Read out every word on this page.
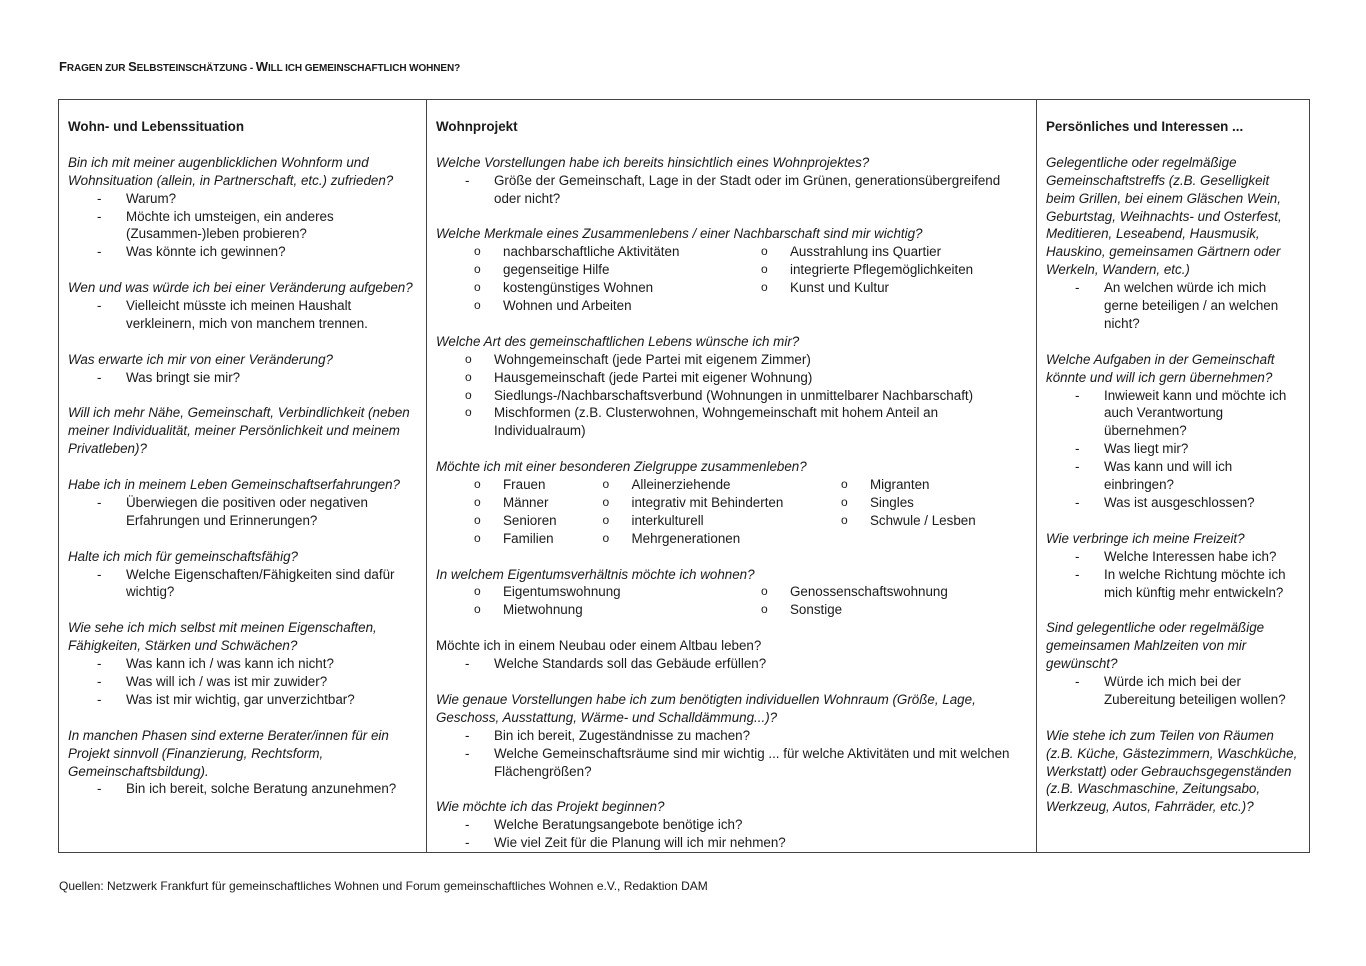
FRAGEN ZUR SELBSTEINSCHÄTZUNG - WILL ICH GEMEINSCHAFTLICH WOHNEN?
Wohn- und Lebenssituation
Bin ich mit meiner augenblicklichen Wohnform und Wohnsituation (allein, in Partnerschaft, etc.) zufrieden?
- Warum?
- Möchte ich umsteigen, ein anderes (Zusammen-)leben probieren?
- Was könnte ich gewinnen?
Wen und was würde ich bei einer Veränderung aufgeben?
- Vielleicht müsste ich meinen Haushalt verkleinern, mich von manchem trennen.
Was erwarte ich mir von einer Veränderung?
- Was bringt sie mir?
Will ich mehr Nähe, Gemeinschaft, Verbindlichkeit (neben meiner Individualität, meiner Persönlichkeit und meinem Privatleben)?
Habe ich in meinem Leben Gemeinschaftserfahrungen?
- Überwiegen die positiven oder negativen Erfahrungen und Erinnerungen?
Halte ich mich für gemeinschaftsfähig?
- Welche Eigenschaften/Fähigkeiten sind dafür wichtig?
Wie sehe ich mich selbst mit meinen Eigenschaften, Fähigkeiten, Stärken und Schwächen?
- Was kann ich / was kann ich nicht?
- Was will ich / was ist mir zuwider?
- Was ist mir wichtig, gar unverzichtbar?
In manchen Phasen sind externe Berater/innen für ein Projekt sinnvoll (Finanzierung, Rechtsform, Gemeinschaftsbildung).
- Bin ich bereit, solche Beratung anzunehmen?

Wohnprojekt
Welche Vorstellungen habe ich bereits hinsichtlich eines Wohnprojektes?
- Größe der Gemeinschaft, Lage in der Stadt oder im Grünen, generationsübergreifend oder nicht?
Welche Merkmale eines Zusammenlebens / einer Nachbarschaft sind mir wichtig?
o nachbarschaftliche Aktivitäten
o gegenseitige Hilfe
o kostengünstiges Wohnen
o Wohnen und Arbeiten
o Ausstrahlung ins Quartier
o integrierte Pflegemöglichkeiten
o Kunst und Kultur
Welche Art des gemeinschaftlichen Lebens wünsche ich mir?
o Wohngemeinschaft (jede Partei mit eigenem Zimmer)
o Hausgemeinschaft (jede Partei mit eigener Wohnung)
o Siedlungs-/Nachbarschaftsverbund (Wohnungen in unmittelbarer Nachbarschaft)
o Mischformen (z.B. Clusterwohnen, Wohngemeinschaft mit hohem Anteil an Individualraum)
Möchte ich mit einer besonderen Zielgruppe zusammenleben?
o Frauen
o Männer
o Senioren
o Familien
o Alleinerziehende
o integrativ mit Behinderten
o interkulturell
o Mehrgenerationen
o Migranten
o Singles
o Schwule / Lesben
In welchem Eigentumsverhältnis möchte ich wohnen?
o Eigentumswohnung
o Mietwohnung
o Genossenschaftswohnung
o Sonstige
Möchte ich in einem Neubau oder einem Altbau leben?
- Welche Standards soll das Gebäude erfüllen?
Wie genaue Vorstellungen habe ich zum benötigten individuellen Wohnraum (Größe, Lage, Geschoss, Ausstattung, Wärme- und Schalldämmung...)?
- Bin ich bereit, Zugeständnisse zu machen?
- Welche Gemeinschaftsräume sind mir wichtig ... für welche Aktivitäten und mit welchen Flächengrößen?
Wie möchte ich das Projekt beginnen?
- Welche Beratungsangebote benötige ich?
- Wie viel Zeit für die Planung will ich mir nehmen?

Persönliches und Interessen ...
Gelegentliche oder regelmäßige Gemeinschaftstreffs (z.B. Geselligkeit beim Grillen, bei einem Gläschen Wein, Geburtstag, Weihnachts- und Osterfest, Meditieren, Leseabend, Hausmusik, Hauskino, gemeinsamen Gärtnern oder Werkeln, Wandern, etc.)
- An welchen würde ich mich gerne beteiligen / an welchen nicht?
Welche Aufgaben in der Gemeinschaft könnte und will ich gern übernehmen?
- Inwieweit kann und möchte ich auch Verantwortung übernehmen?
- Was liegt mir?
- Was kann und will ich einbringen?
- Was ist ausgeschlossen?
Wie verbringe ich meine Freizeit?
- Welche Interessen habe ich?
- In welche Richtung möchte ich mich künftig mehr entwickeln?
Sind gelegentliche oder regelmäßige gemeinsamen Mahlzeiten von mir gewünscht?
- Würde ich mich bei der Zubereitung beteiligen wollen?
Wie stehe ich zum Teilen von Räumen (z.B. Küche, Gästezimmern, Waschküche, Werkstatt) oder Gebrauchsgegenständen (z.B. Waschmaschine, Zeitungsabo, Werkzeug, Autos, Fahrräder, etc.)?
Quellen: Netzwerk Frankfurt für gemeinschaftliches Wohnen und Forum gemeinschaftliches Wohnen e.V., Redaktion DAM
